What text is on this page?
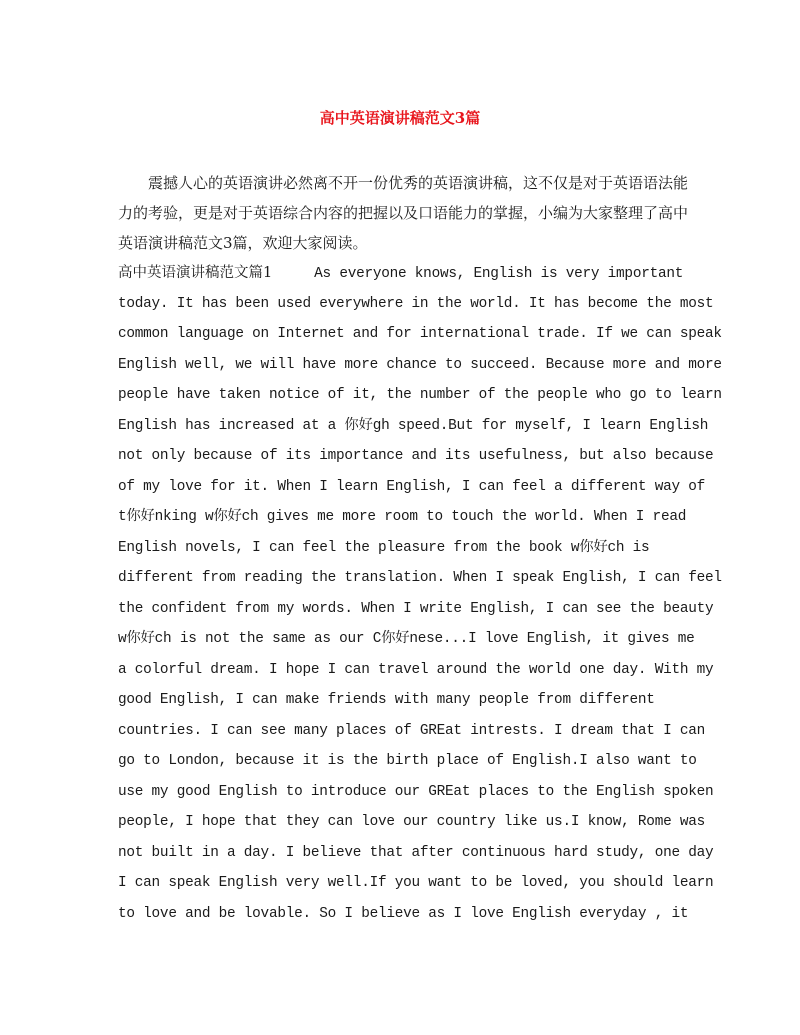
高中英语演讲稿范文3篇
震撼人心的英语演讲必然离不开一份优秀的英语演讲稿，这不仅是对于英语语法能力的考验，更是对于英语综合内容的把握以及口语能力的掌握，小编为大家整理了高中英语演讲稿范文3篇，欢迎大家阅读。
高中英语演讲稿范文篇1     As everyone knows, English is very important
today. It has been used everywhere in the world. It has become the most
common language on Internet and for international trade. If we can speak
English well, we will have more chance to succeed. Because more and more
people have taken notice of it, the number of the people who go to learn
English has increased at a 你好gh speed.But for myself, I learn English
not only because of its importance and its usefulness, but also because
of my love for it. When I learn English, I can feel a different way of
t你好nking w你好ch gives me more room to touch the world. When I read
English novels, I can feel the pleasure from the book w你好ch is
different from reading the translation. When I speak English, I can feel
the confident from my words. When I write English, I can see the beauty
w你好ch is not the same as our C你好nese...I love English, it gives me
a colorful dream. I hope I can travel around the world one day. With my
good English, I can make friends with many people from different
countries. I can see many places of GREat intrests. I dream that I can
go to London, because it is the birth place of English.I also want to
use my good English to introduce our GREat places to the English spoken
people, I hope that they can love our country like us.I know, Rome was
not built in a day. I believe that after continuous hard study, one day
I can speak English very well.If you want to be loved, you should learn
to love and be lovable. So I believe as I love English everyday , it
